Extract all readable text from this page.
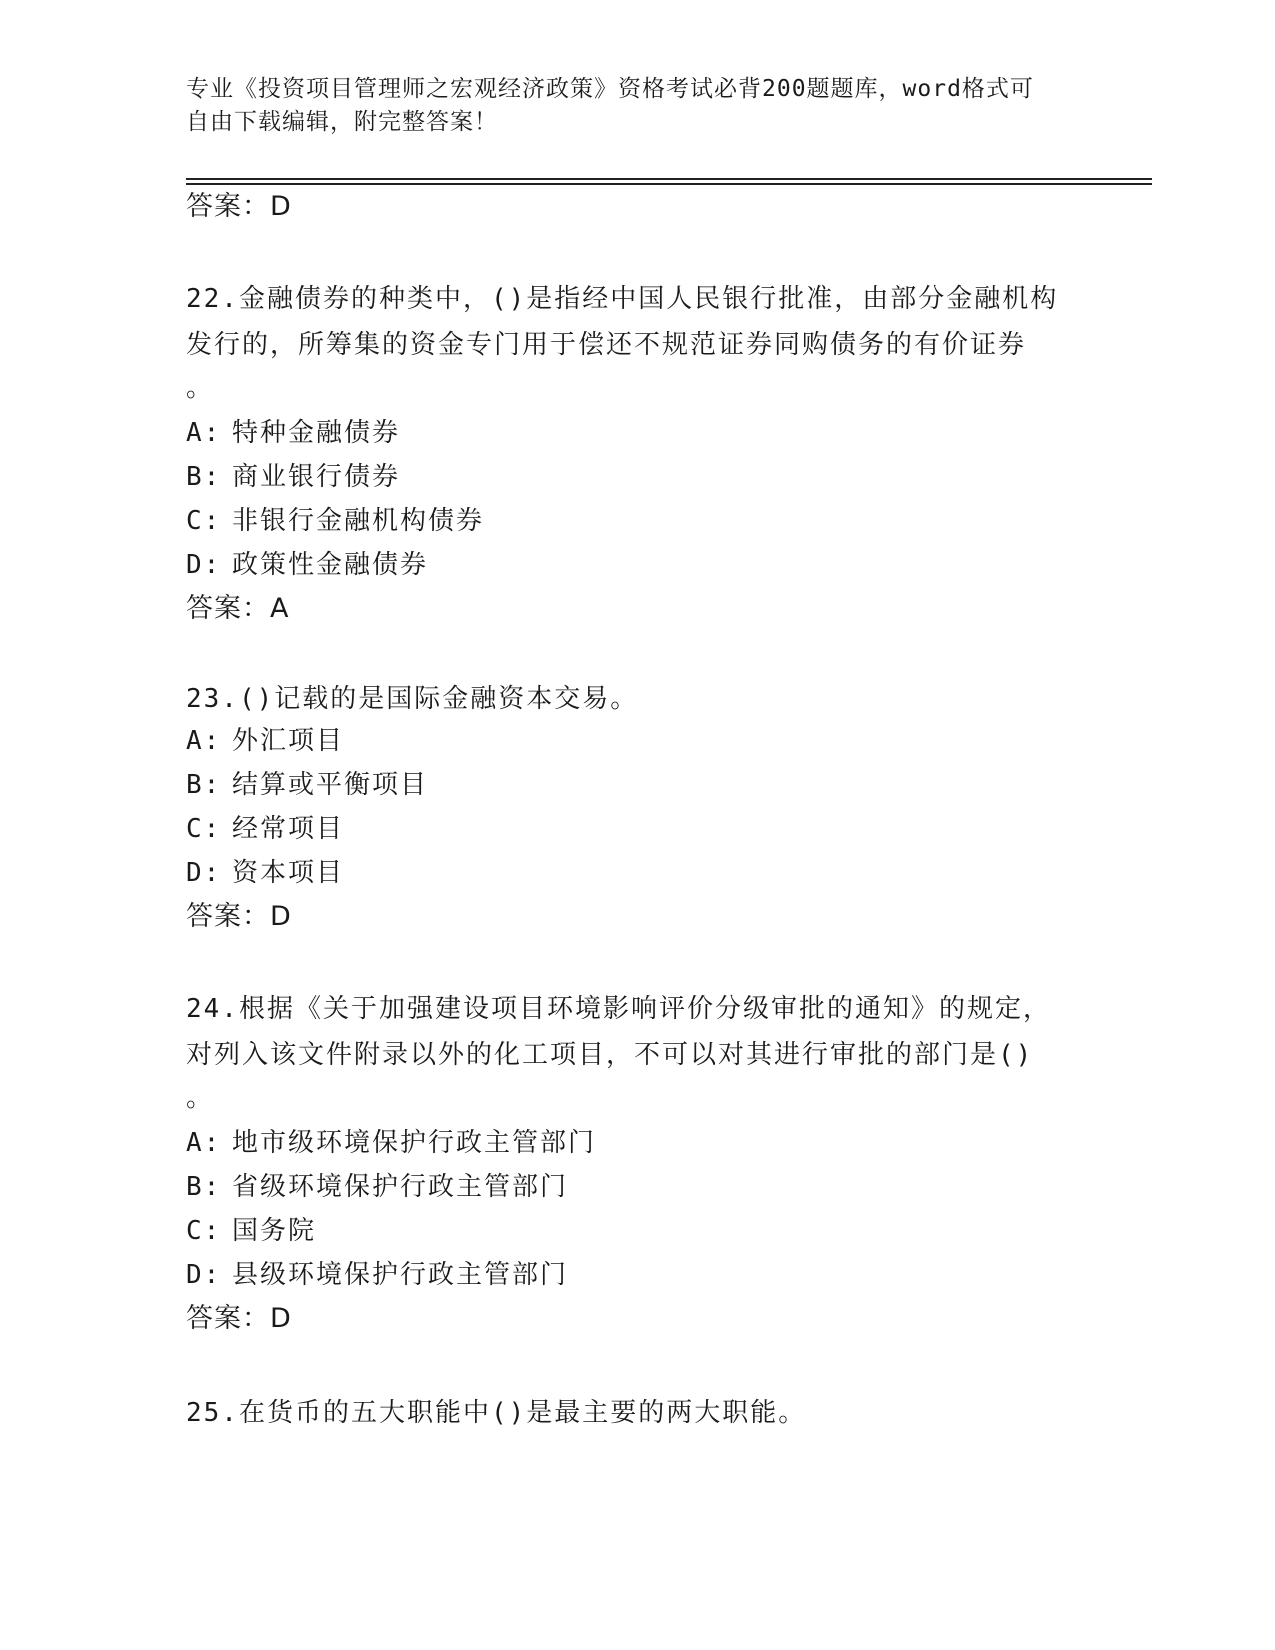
专业《投资项目管理师之宏观经济政策》资格考试必背200题题库，word格式可
自由下载编辑，附完整答案！
答案：D
22.金融债券的种类中，()是指经中国人民银行批准，由部分金融机构
发行的，所筹集的资金专门用于偿还不规范证券同购债务的有价证券
。
A: 特种金融债券
B: 商业银行债券
C: 非银行金融机构债券
D: 政策性金融债券
答案：A
23.()记载的是国际金融资本交易。
A: 外汇项目
B: 结算或平衡项目
C: 经常项目
D: 资本项目
答案：D
24.根据《关于加强建设项目环境影响评价分级审批的通知》的规定，
对列入该文件附录以外的化工项目，不可以对其进行审批的部门是()
。
A: 地市级环境保护行政主管部门
B: 省级环境保护行政主管部门
C: 国务院
D: 县级环境保护行政主管部门
答案：D
25.在货币的五大职能中()是最主要的两大职能。
